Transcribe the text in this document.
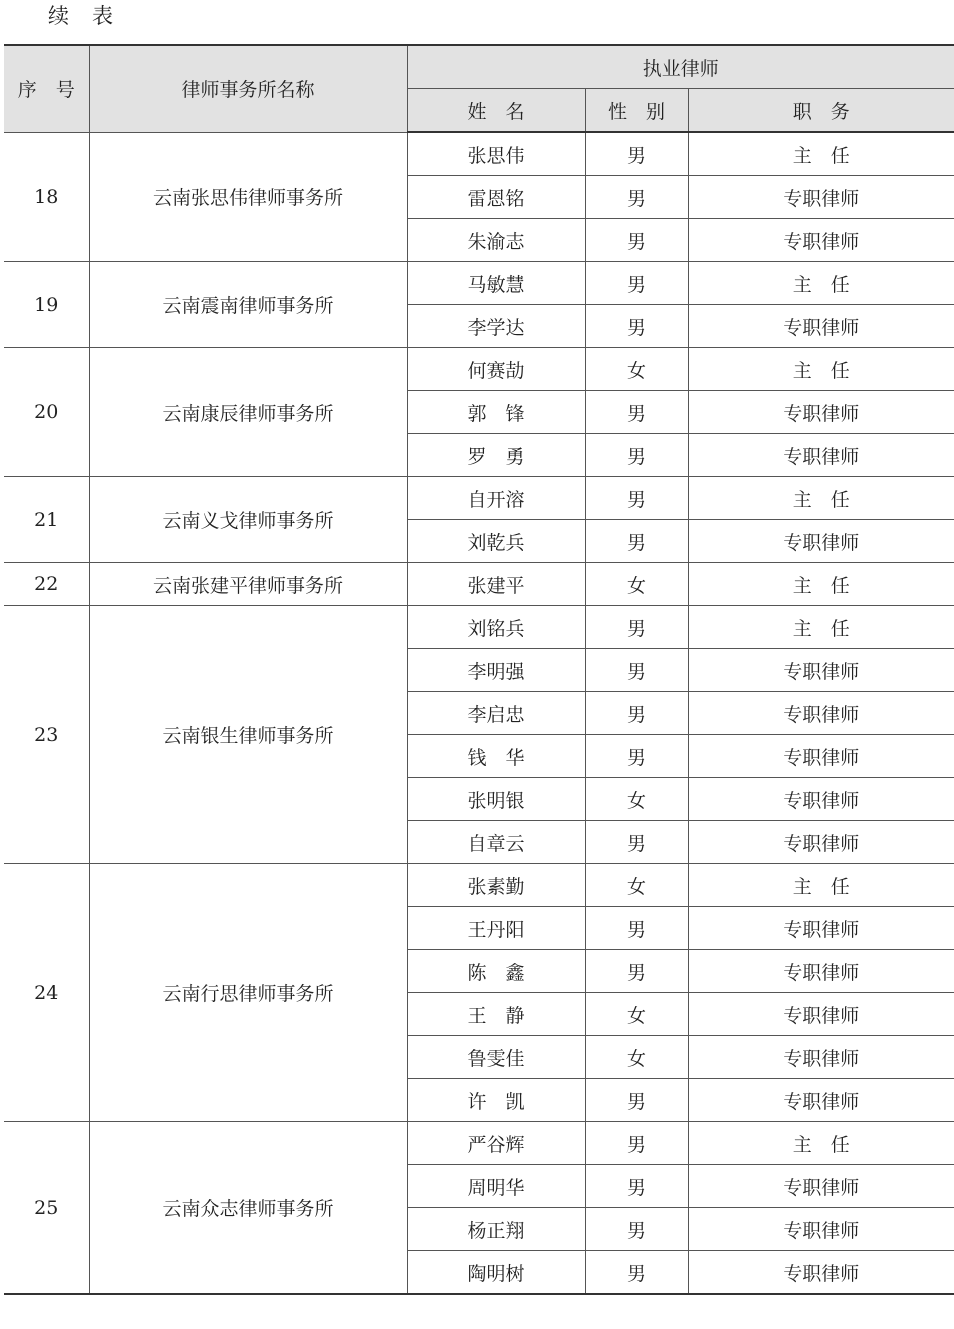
续　表
序　号	律师事务所名称	执业律师		
		姓　名	性　别	职　务
18	云南张思伟律师事务所	张思伟	男	主　任
		雷恩铭	男	专职律师
		朱渝志	男	专职律师
19	云南震南律师事务所	马敏慧	男	主　任
		李学达	男	专职律师
20	云南康辰律师事务所	何赛劼	女	主　任
		郭　锋	男	专职律师
		罗　勇	男	专职律师
21	云南义戈律师事务所	自开溶	男	主　任
		刘乾兵	男	专职律师
22	云南张建平律师事务所	张建平	女	主　任
23	云南银生律师事务所	刘铭兵	男	主　任
		李明强	男	专职律师
		李启忠	男	专职律师
		钱　华	男	专职律师
		张明银	女	专职律师
		自章云	男	专职律师
24	云南行思律师事务所	张素勤	女	主　任
		王丹阳	男	专职律师
		陈　鑫	男	专职律师
		王　静	女	专职律师
		鲁雯佳	女	专职律师
		许　凯	男	专职律师
25	云南众志律师事务所	严谷辉	男	主　任
		周明华	男	专职律师
		杨正翔	男	专职律师
		陶明树	男	专职律师
